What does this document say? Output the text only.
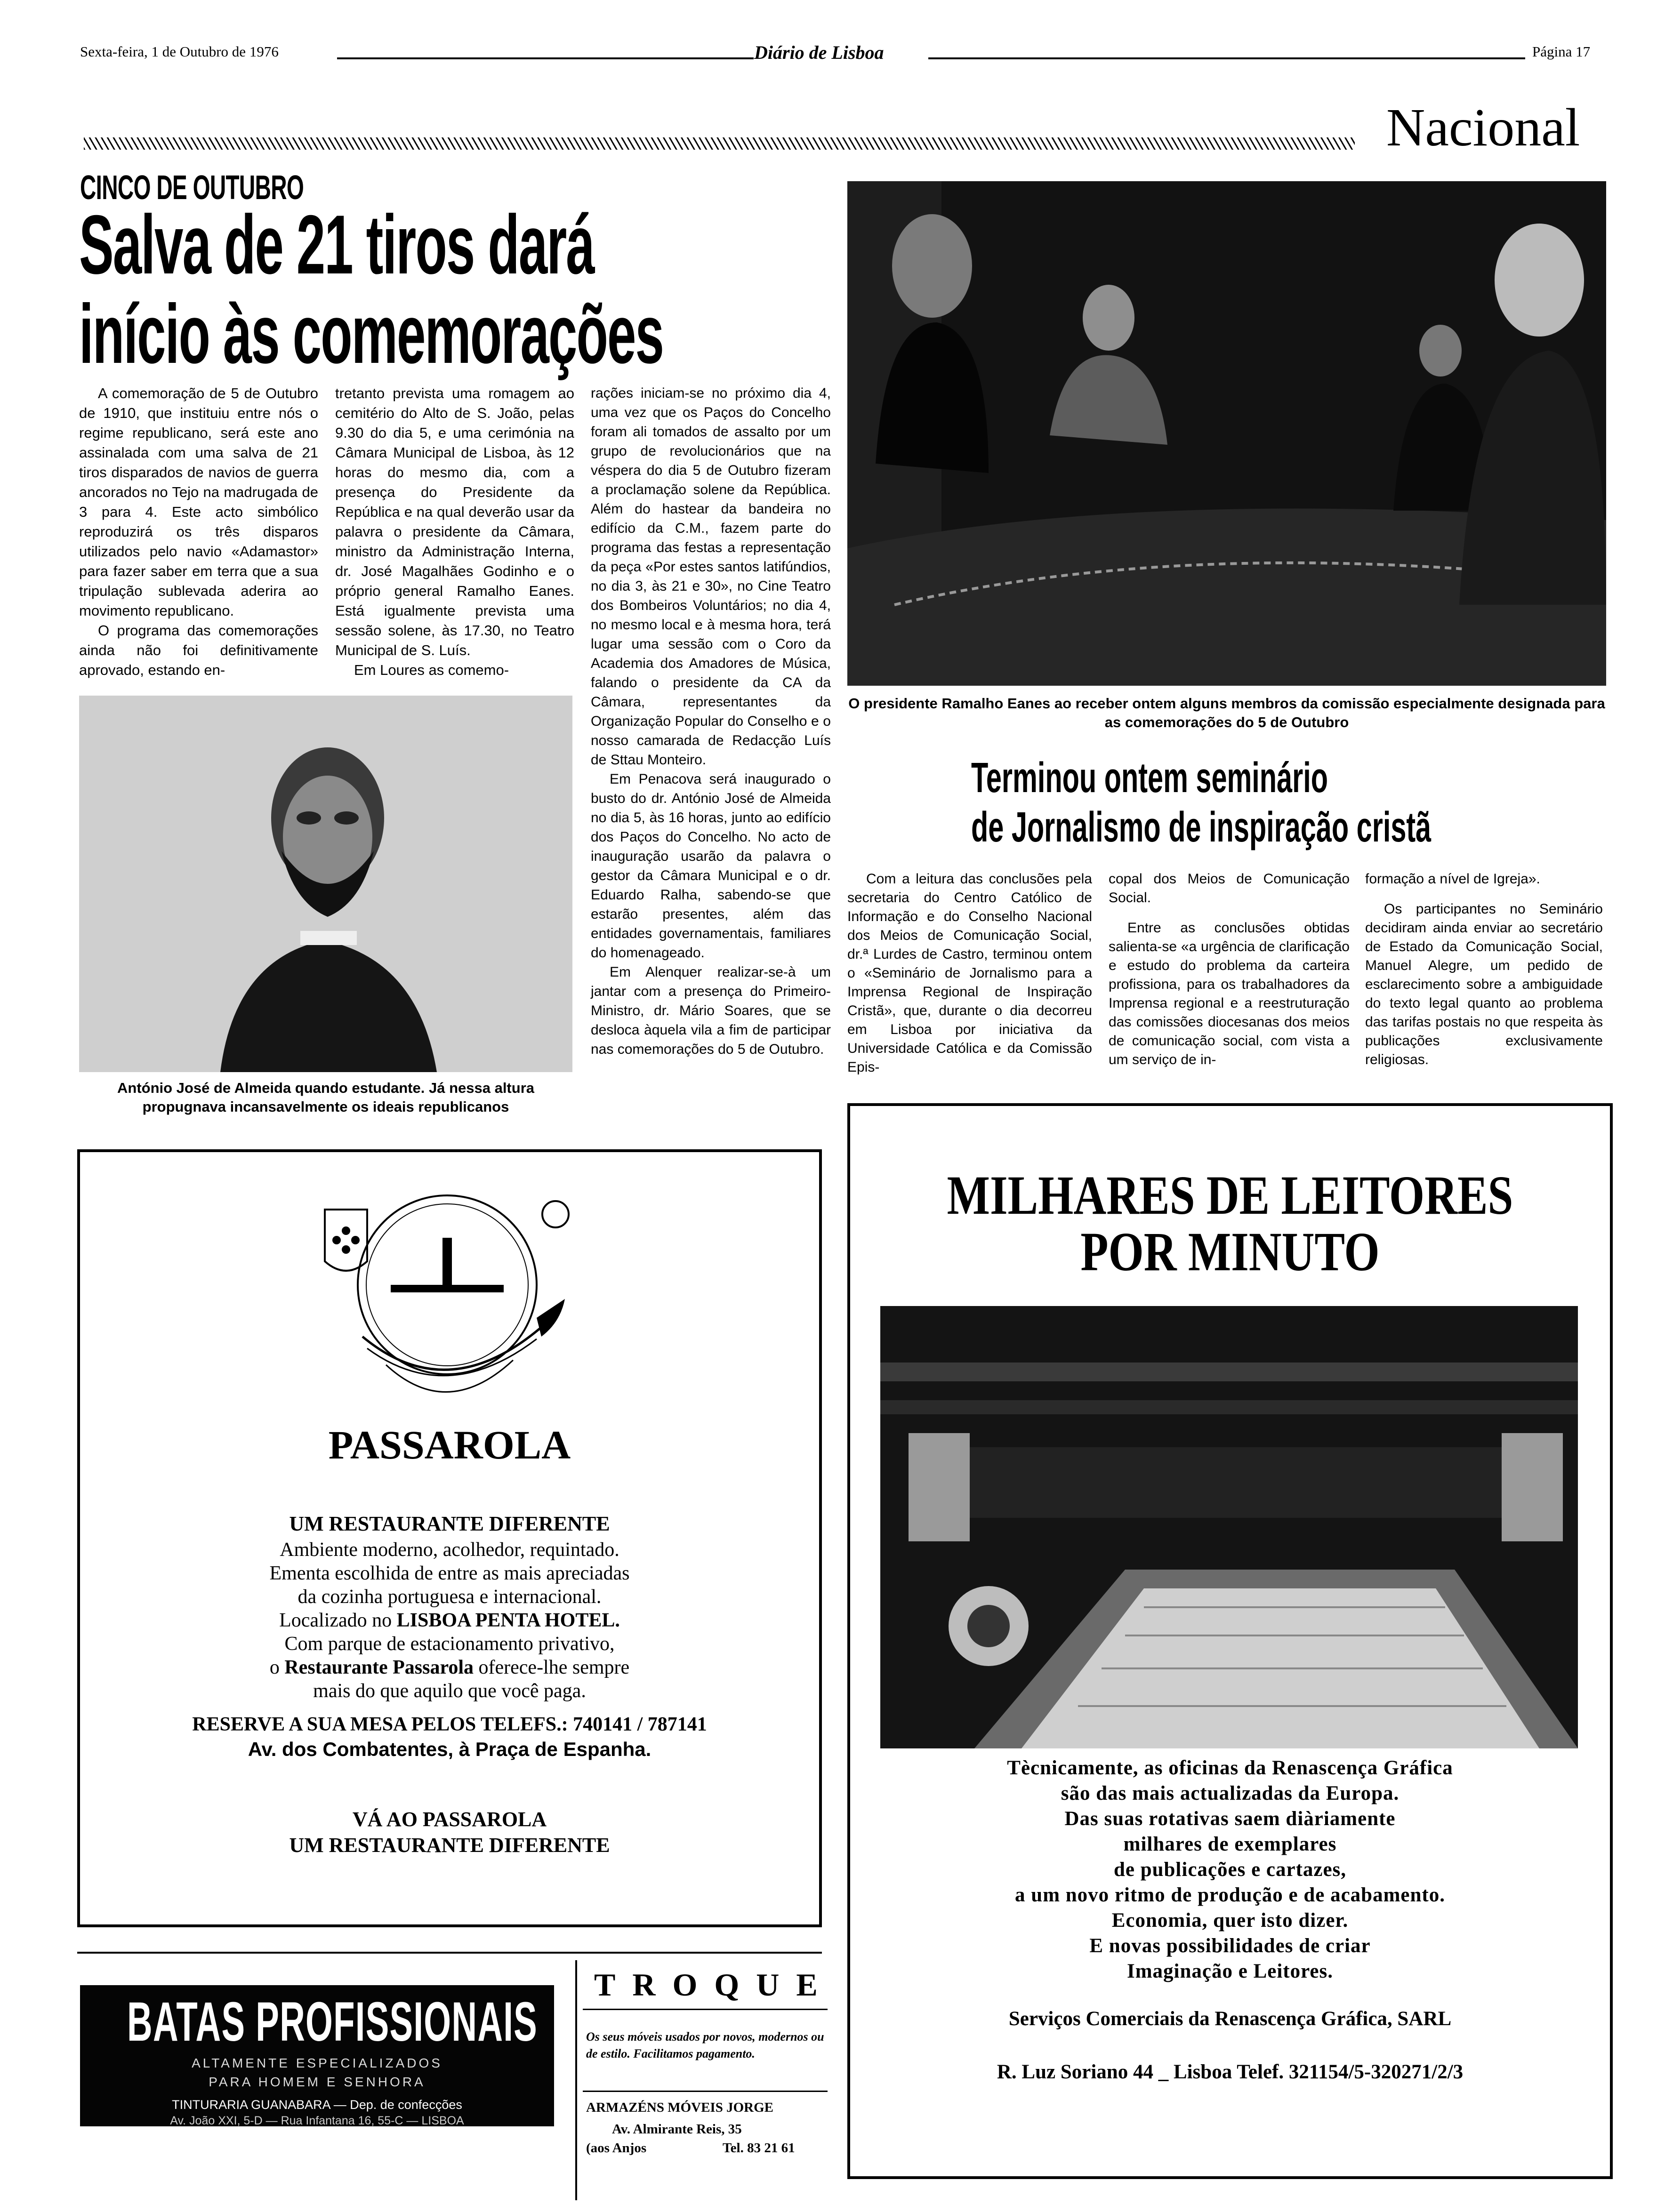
Sexta-feira, 1 de Outubro de 1976	Diário de Lisboa	Página 17
Nacional
CINCO DE OUTUBRO
Salva de 21 tiros dará
início às comemorações

A comemoração de 5 de Outubro de 1910, que instituiu entre nós o regime republicano, será este ano assinalada com uma salva de 21 tiros disparados de navios de guerra ancorados no Tejo na madrugada de 3 para 4. Este acto simbólico reproduzirá os três disparos utilizados pelo navio «Adamastor» para fazer saber em terra que a sua tripulação sublevada aderira ao movimento republicano.

O programa das comemorações ainda não foi definitivamente aprovado, estando en-

tretanto prevista uma romagem ao cemitério do Alto de S. João, pelas 9.30 do dia 5, e uma cerimónia na Câmara Municipal de Lisboa, às 12 horas do mesmo dia, com a presença do Presidente da República e na qual deverão usar da palavra o presidente da Câmara, ministro da Administração Interna, dr. José Magalhães Godinho e o próprio general Ramalho Eanes. Está igualmente prevista uma sessão solene, às 17.30, no Teatro Municipal de S. Luís.

Em Loures as comemo-

rações iniciam-se no próximo dia 4, uma vez que os Paços do Concelho foram ali tomados de assalto por um grupo de revolucionários que na véspera do dia 5 de Outubro fizeram a proclamação solene da República. Além do hastear da bandeira no edifício da C.M., fazem parte do programa das festas a representação da peça «Por estes santos latifúndios, no dia 3, às 21 e 30», no Cine Teatro dos Bombeiros Voluntários; no dia 4, no mesmo local e à mesma hora, terá lugar uma sessão com o Coro da Academia dos Amadores de Música, falando o presidente da CA da Câmara, representantes da Organização Popular do Conselho e o nosso camarada de Redacção Luís de Sttau Monteiro.

Em Penacova será inaugurado o busto do dr. António José de Almeida no dia 5, às 16 horas, junto ao edifício dos Paços do Concelho. No acto de inauguração usarão da palavra o gestor da Câmara Municipal e o dr. Eduardo Ralha, sabendo-se que estarão presentes, além das entidades governamentais, familiares do homenageado.

Em Alenquer realizar-se-à um jantar com a presença do Primeiro-Ministro, dr. Mário Soares, que se desloca àquela vila a fim de participar nas comemorações do 5 de Outubro.

António José de Almeida quando estudante. Já nessa altura propugnava incansavelmente os ideais republicanos
O presidente Ramalho Eanes ao receber ontem alguns membros da comissão especialmente designada para as comemorações do 5 de Outubro
Terminou ontem seminário
de Jornalismo de inspiração cristã

Com a leitura das conclusões pela secretaria do Centro Católico de Informação e do Conselho Nacional dos Meios de Comunicação Social, dr.ª Lurdes de Castro, terminou ontem o «Seminário de Jornalismo para a Imprensa Regional de Inspiração Cristã», que, durante o dia decorreu em Lisboa por iniciativa da Universidade Católica e da Comissão Epis-

copal dos Meios de Comunicação Social.

Entre as conclusões obtidas salienta-se «a urgência de clarificação e estudo do problema da carteira profissiona, para os trabalhadores da Imprensa regional e a reestruturação das comissões diocesanas dos meios de comunicação social, com vista a um serviço de in-

formação a nível de Igreja».

Os participantes no Seminário decidiram ainda enviar ao secretário de Estado da Comunicação Social, Manuel Alegre, um pedido de esclarecimento sobre a ambiguidade do texto legal quanto ao problema das tarifas postais no que respeita às publicações exclusivamente religiosas.

PASSAROLA
UM RESTAURANTE DIFERENTE
Ambiente moderno, acolhedor, requintado.
Ementa escolhida de entre as mais apreciadas
da cozinha portuguesa e internacional.
Localizado no LISBOA PENTA HOTEL.
Com parque de estacionamento privativo,
o Restaurante Passarola oferece-lhe sempre
mais do que aquilo que você paga.
RESERVE A SUA MESA PELOS TELEFS.: 740141 / 787141
Av. dos Combatentes, à Praça de Espanha.
VÁ AO PASSAROLA
UM RESTAURANTE DIFERENTE
BATAS PROFISSIONAIS
ALTAMENTE ESPECIALIZADOS
PARA HOMEM E SENHORA
TINTURARIA GUANABARA — Dep. de confecções
Av. João XXI, 5-D — Rua Infantana 16, 55-C — LISBOA
TROQUE
Os seus móveis usados por novos, modernos ou de estilo. Facilitamos pagamento.
ARMAZÉNS MÓVEIS JORGE
Av. Almirante Reis, 35
(aos Anjos	Tel. 83 21 61
MILHARES DE LEITORES
POR MINUTO
Tècnicamente, as oficinas da Renascença Gráfica
são das mais actualizadas da Europa.
Das suas rotativas saem diàriamente
milhares de exemplares
de publicações e cartazes,
a um novo ritmo de produção e de acabamento.
Economia, quer isto dizer.
E novas possibilidades de criar
Imaginação e Leitores.
Serviços Comerciais da Renascença Gráfica, SARL
R. Luz Soriano 44 _ Lisboa Telef. 321154/5-320271/2/3
